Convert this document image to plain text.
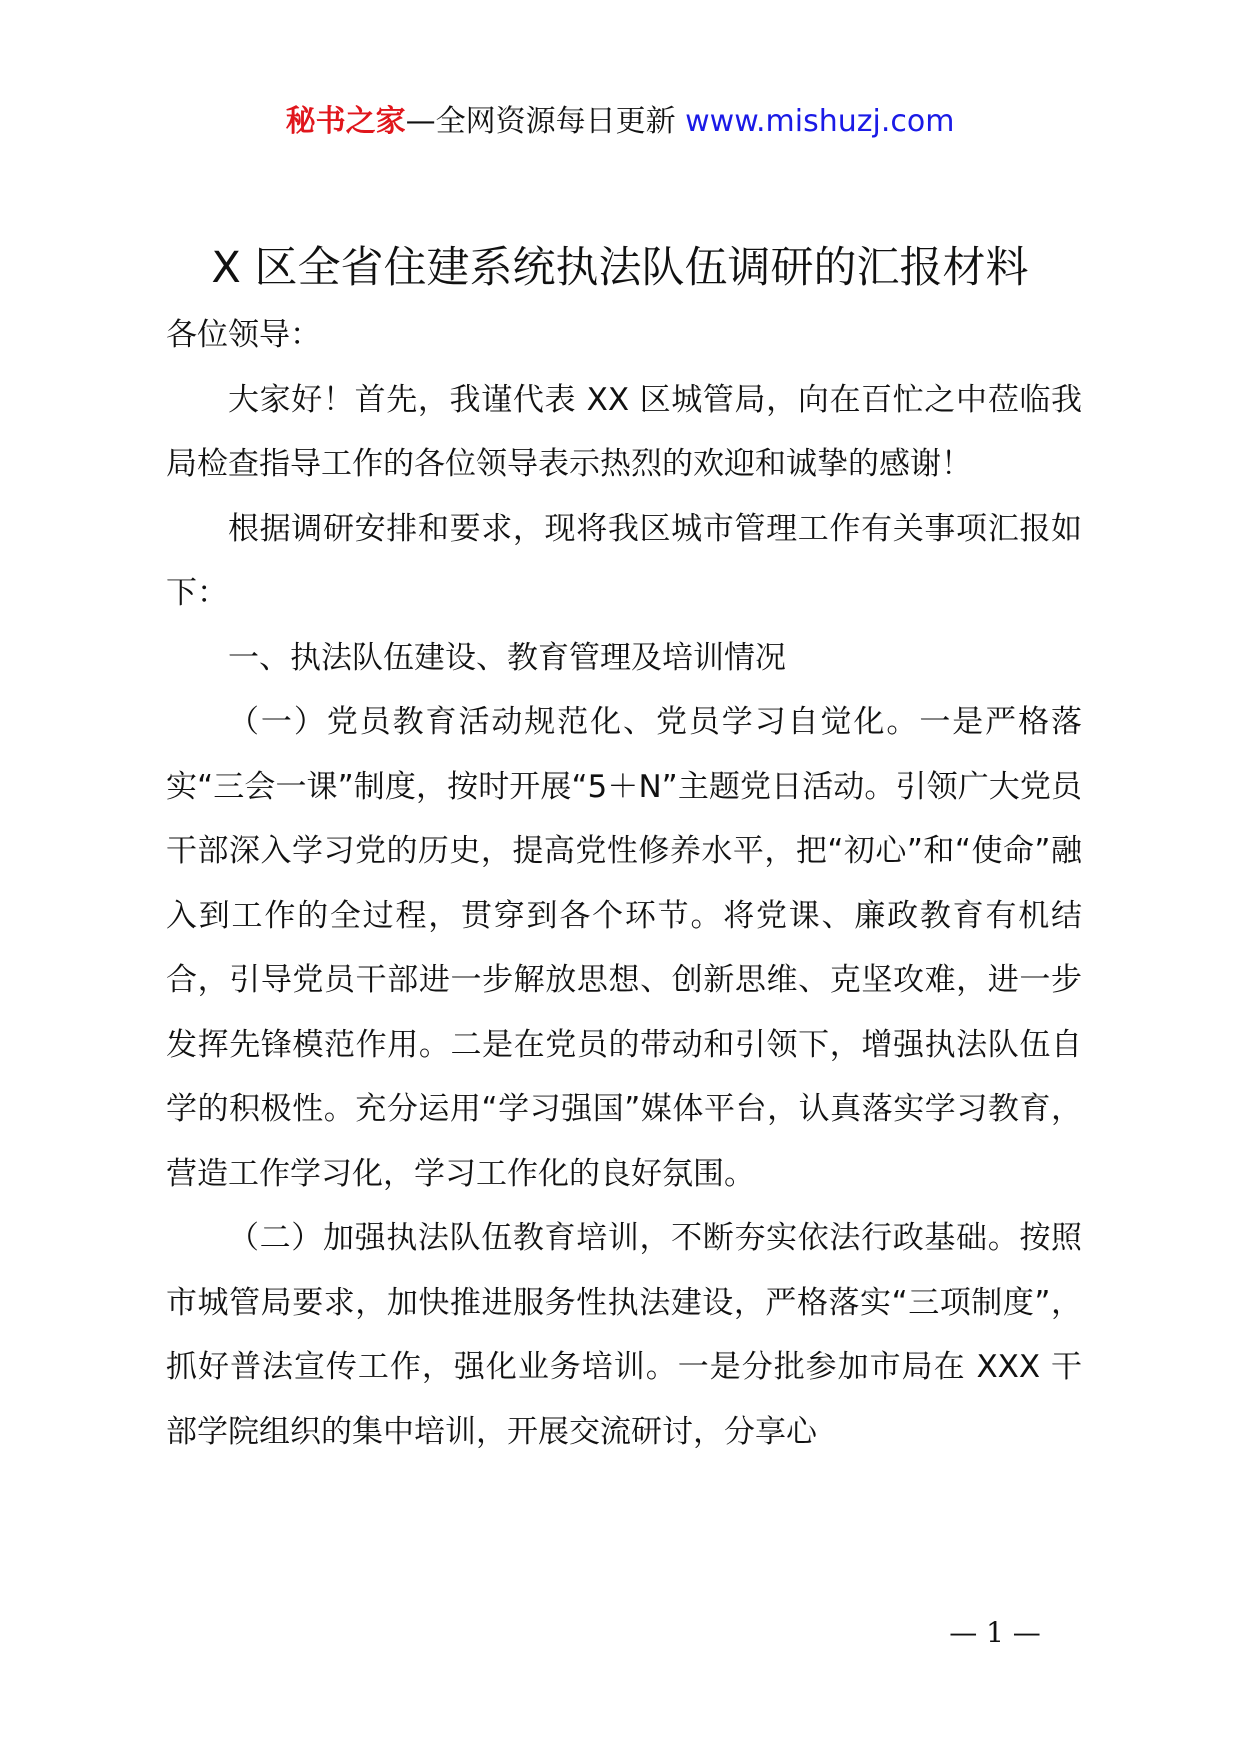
秘书之家—全网资源每日更新 www.mishuzj.com
X 区全省住建系统执法队伍调研的汇报材料

各位领导：

大家好！首先，我谨代表 XX 区城管局，向在百忙之中莅临我局检查指导工作的各位领导表示热烈的欢迎和诚挚的感谢！

根据调研安排和要求，现将我区城市管理工作有关事项汇报如下：

一、执法队伍建设、教育管理及培训情况

（一）党员教育活动规范化、党员学习自觉化。一是严格落实“三会一课”制度，按时开展“5＋N”主题党日活动。引领广大党员干部深入学习党的历史，提高党性修养水平，把“初心”和“使命”融入到工作的全过程，贯穿到各个环节。将党课、廉政教育有机结合，引导党员干部进一步解放思想、创新思维、克坚攻难，进一步发挥先锋模范作用。二是在党员的带动和引领下，增强执法队伍自学的积极性。充分运用“学习强国”媒体平台，认真落实学习教育，营造工作学习化，学习工作化的良好氛围。

（二）加强执法队伍教育培训，不断夯实依法行政基础。按照市城管局要求，加快推进服务性执法建设，严格落实“三项制度”，抓好普法宣传工作，强化业务培训。一是分批参加市局在 XXX 干部学院组织的集中培训，开展交流研讨，分享心

— 1 —
